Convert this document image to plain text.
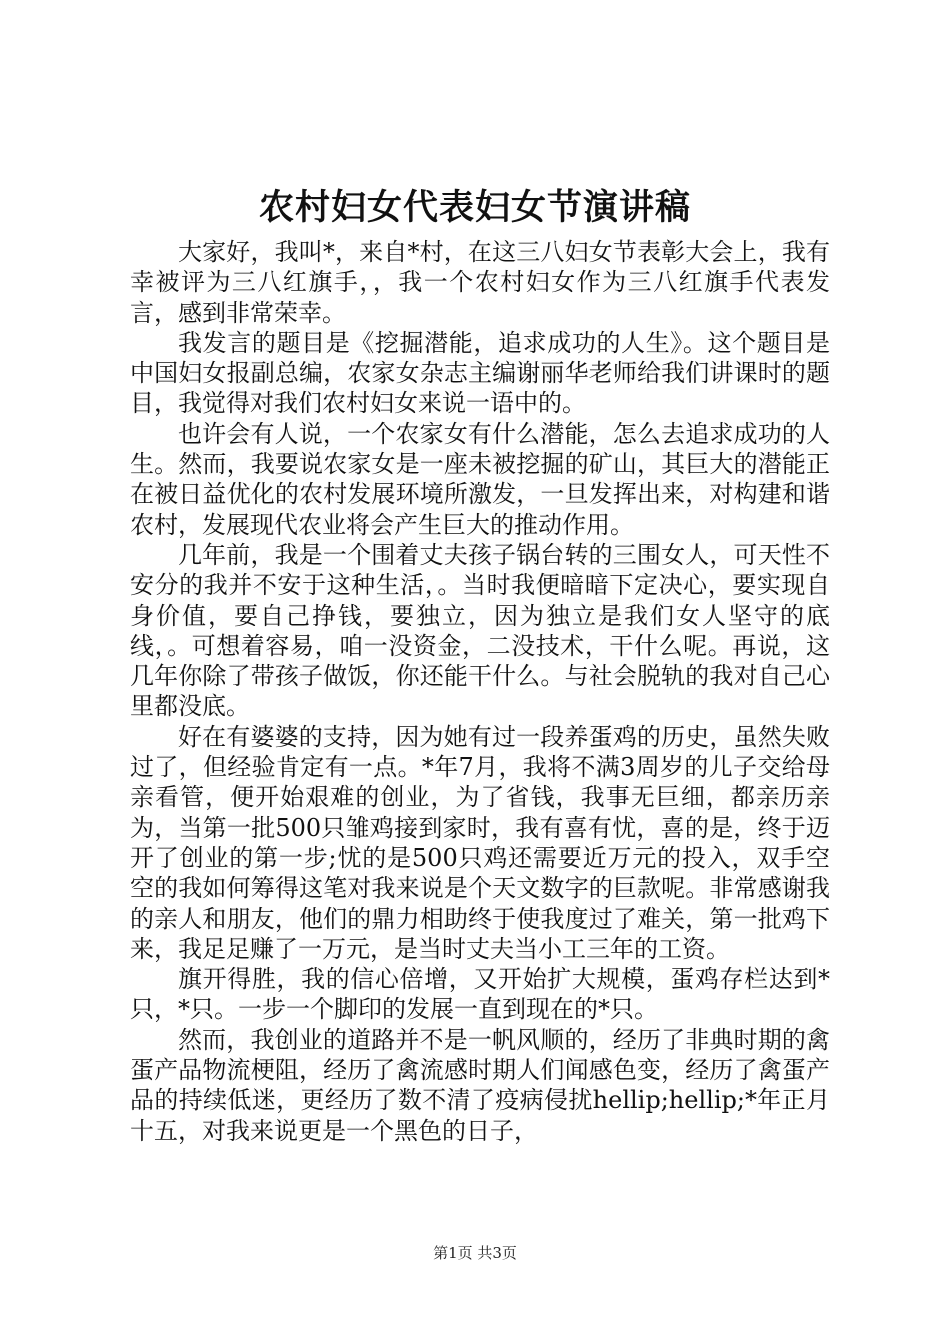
农村妇女代表妇女节演讲稿

大家好，我叫*，来自*村，在这三八妇女节表彰大会上，我有幸被评为三八红旗手，，我一个农村妇女作为三八红旗手代表发言，感到非常荣幸。

我发言的题目是《挖掘潜能，追求成功的人生》。这个题目是中国妇女报副总编，农家女杂志主编谢丽华老师给我们讲课时的题目，我觉得对我们农村妇女来说一语中的。

也许会有人说，一个农家女有什么潜能，怎么去追求成功的人生。然而，我要说农家女是一座未被挖掘的矿山，其巨大的潜能正在被日益优化的农村发展环境所激发，一旦发挥出来，对构建和谐农村，发展现代农业将会产生巨大的推动作用。

几年前，我是一个围着丈夫孩子锅台转的三围女人，可天性不安分的我并不安于这种生活，。当时我便暗暗下定决心，要实现自身价值，要自己挣钱，要独立，因为独立是我们女人坚守的底线，。可想着容易，咱一没资金，二没技术，干什么呢。再说，这几年你除了带孩子做饭，你还能干什么。与社会脱轨的我对自己心里都没底。

好在有婆婆的支持，因为她有过一段养蛋鸡的历史，虽然失败过了，但经验肯定有一点。*年7月，我将不满3周岁的儿子交给母亲看管，便开始艰难的创业，为了省钱，我事无巨细，都亲历亲为，当第一批500只雏鸡接到家时，我有喜有忧，喜的是，终于迈开了创业的第一步;忧的是500只鸡还需要近万元的投入，双手空空的我如何筹得这笔对我来说是个天文数字的巨款呢。非常感谢我的亲人和朋友，他们的鼎力相助终于使我度过了难关，第一批鸡下来，我足足赚了一万元，是当时丈夫当小工三年的工资。

旗开得胜，我的信心倍增，又开始扩大规模，蛋鸡存栏达到*只，*只。一步一个脚印的发展一直到现在的*只。

然而，我创业的道路并不是一帆风顺的，经历了非典时期的禽蛋产品物流梗阻，经历了禽流感时期人们闻感色变，经历了禽蛋产品的持续低迷，更经历了数不清了疫病侵扰hellip;hellip;*年正月十五，对我来说更是一个黑色的日子，

第1页 共3页
